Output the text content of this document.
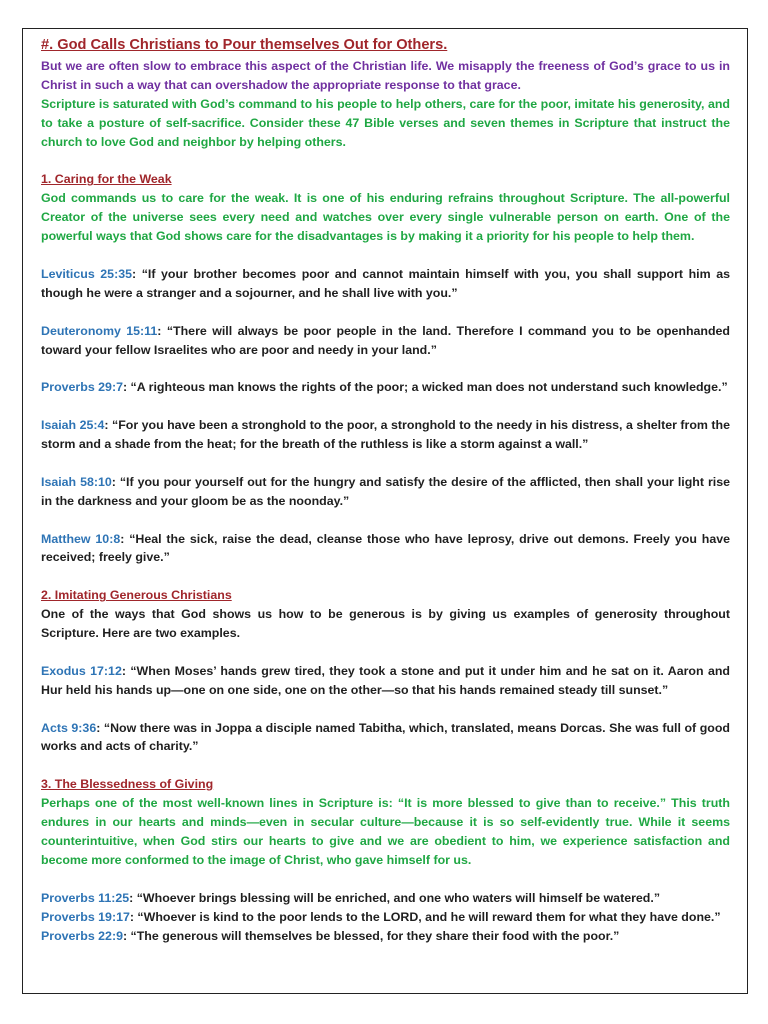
#. God Calls Christians to Pour themselves Out for Others.

But we are often slow to embrace this aspect of the Christian life. We misapply the freeness of God’s grace to us in Christ in such a way that can overshadow the appropriate response to that grace.

Scripture is saturated with God’s command to his people to help others, care for the poor, imitate his generosity, and to take a posture of self-sacrifice. Consider these 47 Bible verses and seven themes in Scripture that instruct the church to love God and neighbor by helping others.

1. Caring for the Weak

God commands us to care for the weak. It is one of his enduring refrains throughout Scripture. The all-powerful Creator of the universe sees every need and watches over every single vulnerable person on earth. One of the powerful ways that God shows care for the disadvantages is by making it a priority for his people to help them.

Leviticus 25:35: “If your brother becomes poor and cannot maintain himself with you, you shall support him as though he were a stranger and a sojourner, and he shall live with you.”

Deuteronomy 15:11: “There will always be poor people in the land. Therefore I command you to be openhanded toward your fellow Israelites who are poor and needy in your land.”

Proverbs 29:7: “A righteous man knows the rights of the poor; a wicked man does not understand such knowledge.”

Isaiah 25:4: “For you have been a stronghold to the poor, a stronghold to the needy in his distress, a shelter from the storm and a shade from the heat; for the breath of the ruthless is like a storm against a wall.”

Isaiah 58:10: “If you pour yourself out for the hungry and satisfy the desire of the afflicted, then shall your light rise in the darkness and your gloom be as the noonday.”

Matthew 10:8: “Heal the sick, raise the dead, cleanse those who have leprosy, drive out demons. Freely you have received; freely give.”

2. Imitating Generous Christians

One of the ways that God shows us how to be generous is by giving us examples of generosity throughout Scripture. Here are two examples.

Exodus 17:12: “When Moses’ hands grew tired, they took a stone and put it under him and he sat on it. Aaron and Hur held his hands up—one on one side, one on the other—so that his hands remained steady till sunset.”

Acts 9:36: “Now there was in Joppa a disciple named Tabitha, which, translated, means Dorcas. She was full of good works and acts of charity.”

3. The Blessedness of Giving

Perhaps one of the most well-known lines in Scripture is: “It is more blessed to give than to receive.” This truth endures in our hearts and minds—even in secular culture—because it is so self-evidently true. While it seems counterintuitive, when God stirs our hearts to give and we are obedient to him, we experience satisfaction and become more conformed to the image of Christ, who gave himself for us.

Proverbs 11:25: “Whoever brings blessing will be enriched, and one who waters will himself be watered.”

Proverbs 19:17: “Whoever is kind to the poor lends to the LORD, and he will reward them for what they have done.”

Proverbs 22:9: “The generous will themselves be blessed, for they share their food with the poor.”
